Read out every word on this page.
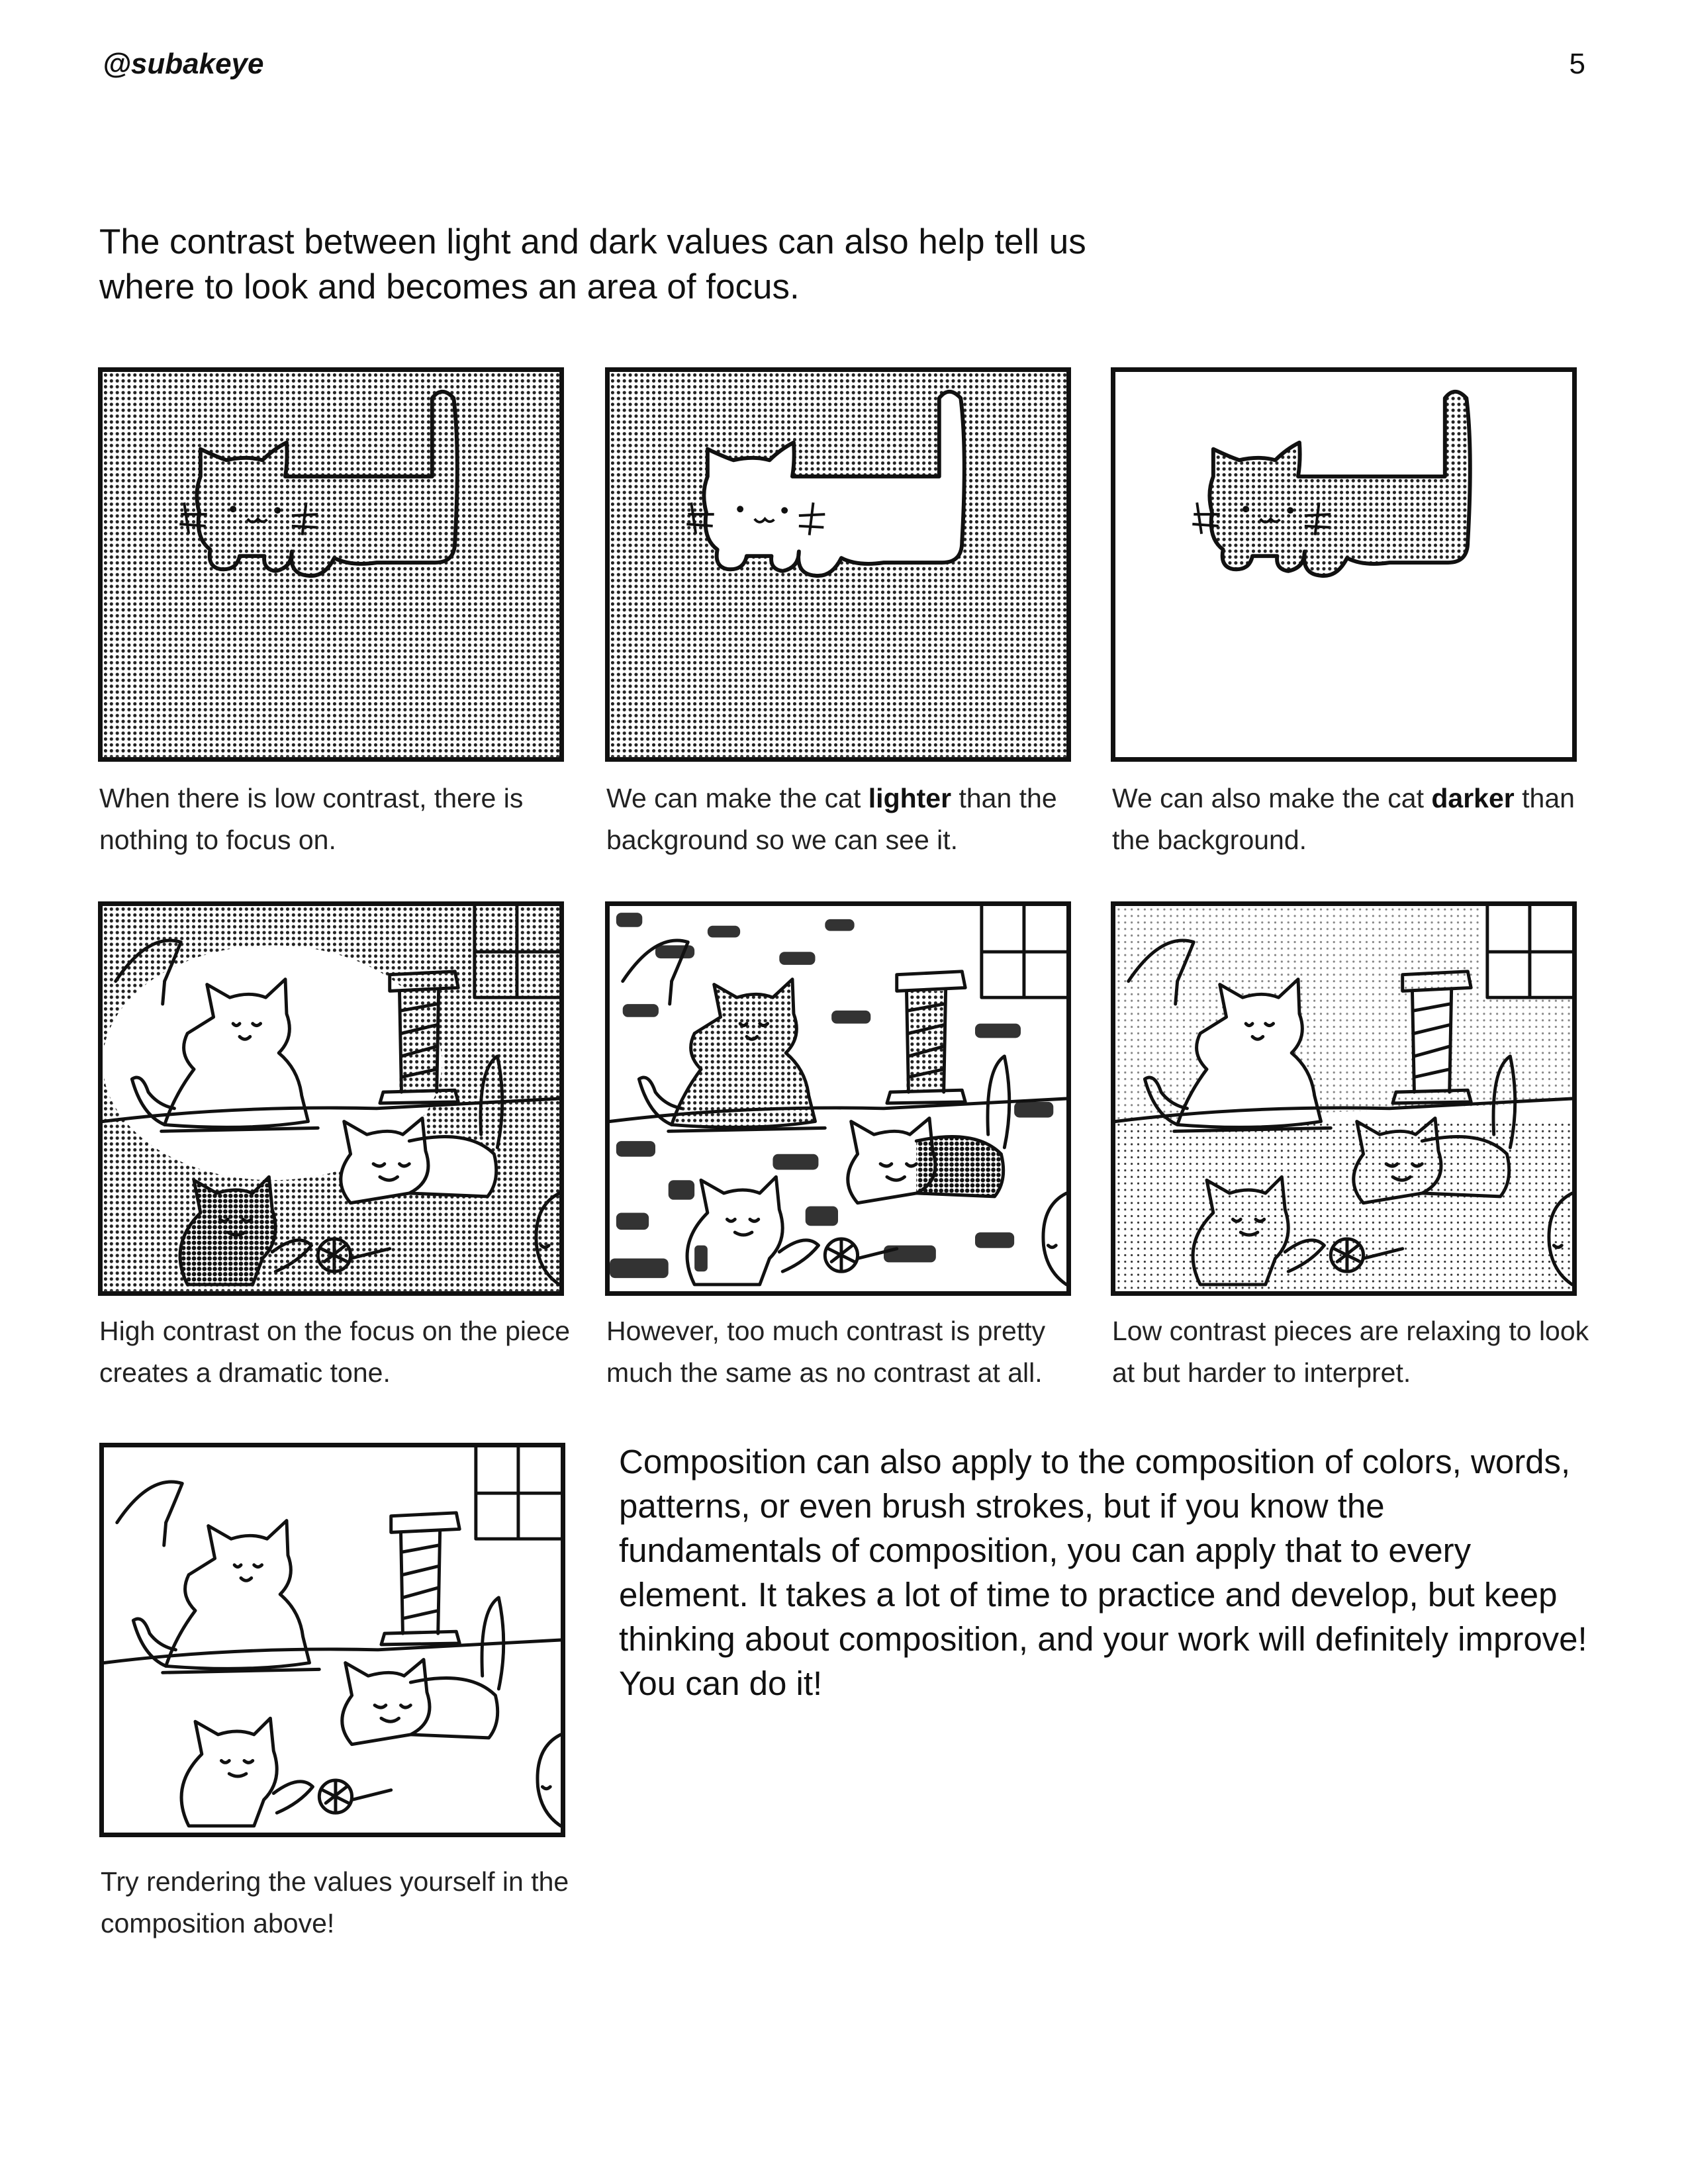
@subakeye	5
The contrast between light and dark values can also help tell us where to look and becomes an area of focus.
When there is low contrast, there is nothing to focus on.
We can make the cat lighter than the background so we can see it.
We can also make the cat darker than the background.
High contrast on the focus on the piece creates a dramatic tone.
However, too much contrast is pretty much the same as no contrast at all.
Low contrast pieces are relaxing to look at but harder to interpret.
Try rendering the values yourself in the composition above!
Composition can also apply to the composition of colors, words, patterns, or even brush strokes, but if you know the fundamentals of composition, you can apply that to every element. It takes a lot of time to practice and develop, but keep thinking about composition, and your work will definitely improve! You can do it!
